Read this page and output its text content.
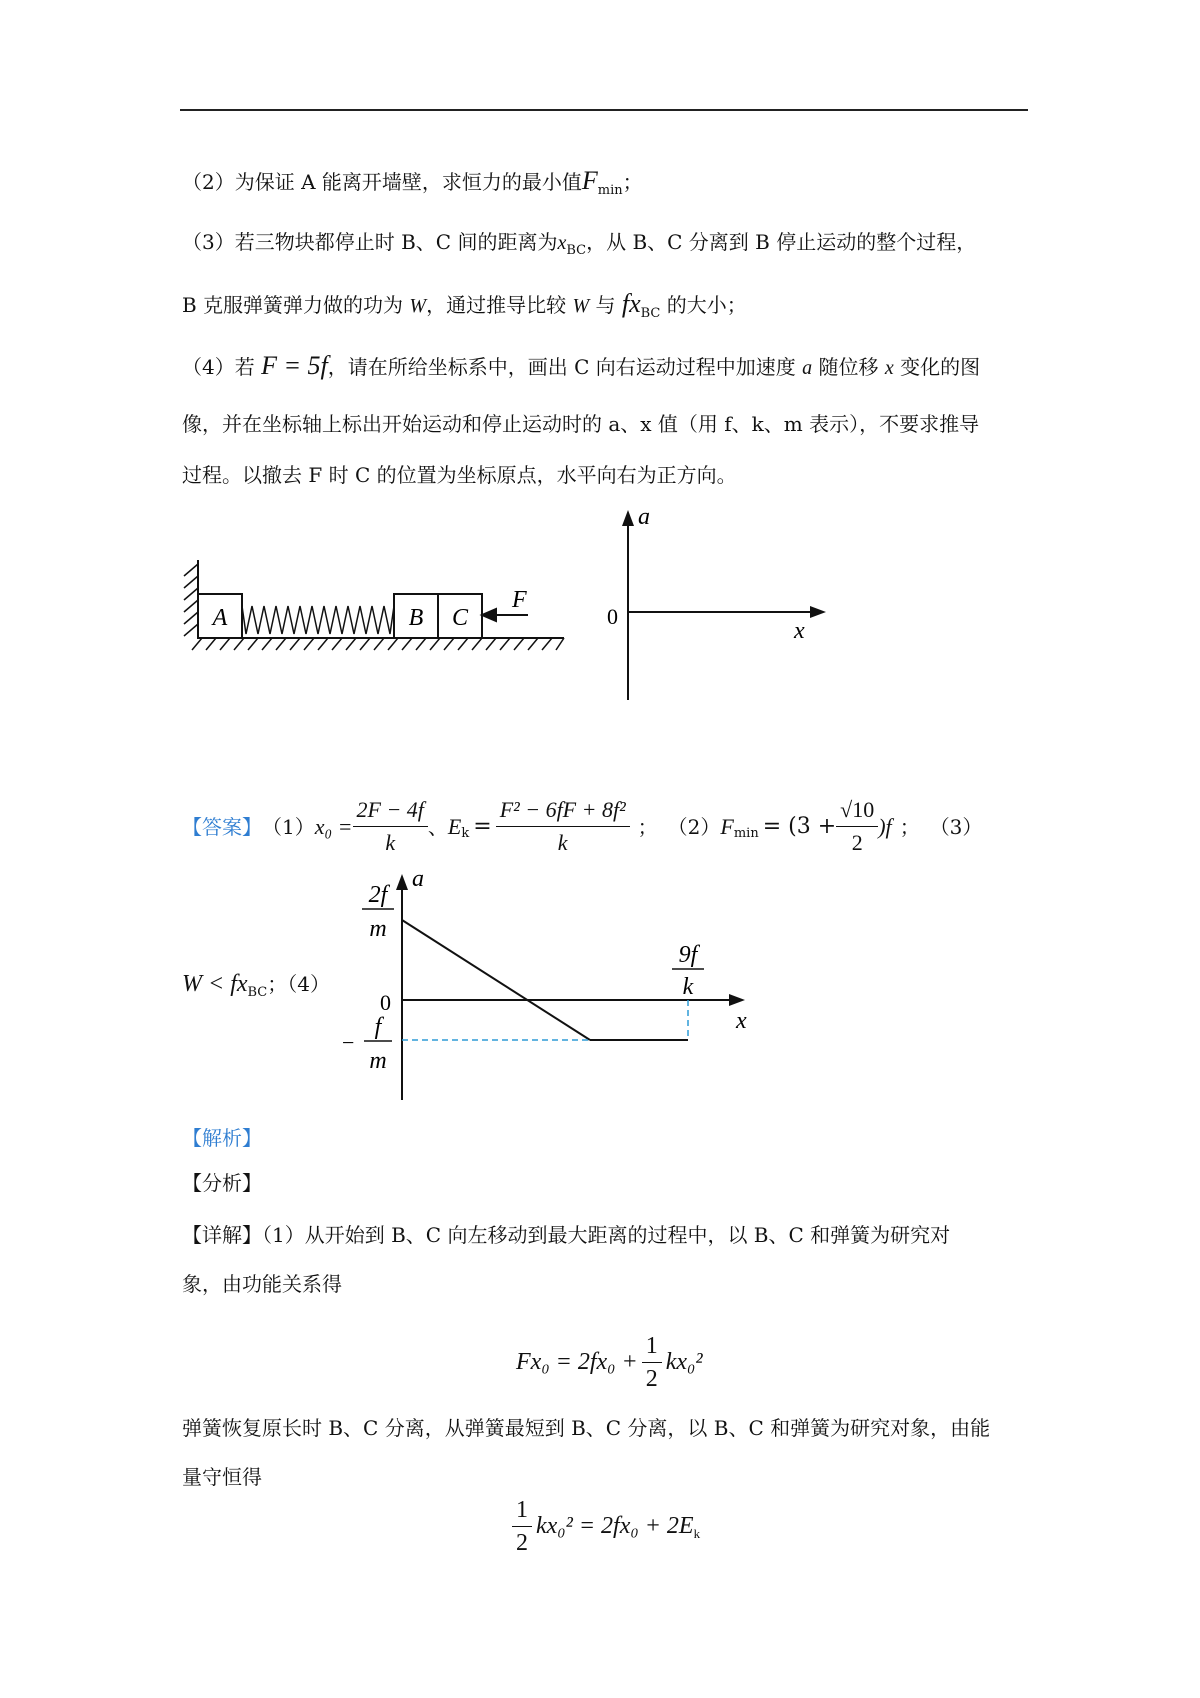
（2）为保证 A 能离开墙壁，求恒力的最小值$F_{min}$；
（3）若三物块都停止时 B、C 间的距离为$x_{BC}$，从 B、C 分离到 B 停止运动的整个过程，
B 克服弹簧弹力做的功为 W，通过推导比较 W 与 $fx_{BC}$ 的大小；
（4）若 F = 5f，请在所给坐标系中，画出 C 向右运动过程中加速度 a 随位移 x 变化的图
像，并在坐标轴上标出开始运动和停止运动时的 a、x 值（用 f、k、m 表示），不要求推导
过程。以撤去 F 时 C 的位置为坐标原点，水平向右为正方向。
A	B C
F
a
x
0
【答案】 （1） $x_0 = \frac{2F - 4f}{k}$ 、 E $k = \frac{\text{F² − 6fF + 8f²}}{k}$ ； （2） F $\min = (3 + \frac{√10}{2} )f$ ； （3）
$W < fx_{BC}$；（4）
a
x
0
2f
m
−
f
m
9f
k
【解析】
【分析】
【详解】（1）从开始到 B、C 向左移动到最大距离的过程中，以 B、C 和弹簧为研究对
象，由功能关系得
$Fx_0 = 2fx_0 + \frac{1}{2} kx_0^2$
弹簧恢复原长时 B、C 分离，从弹簧最短到 B、C 分离，以 B、C 和弹簧为研究对象，由能
量守恒得
$\frac{1}{2} kx_0^2 = 2fx_0 + 2E$ k
